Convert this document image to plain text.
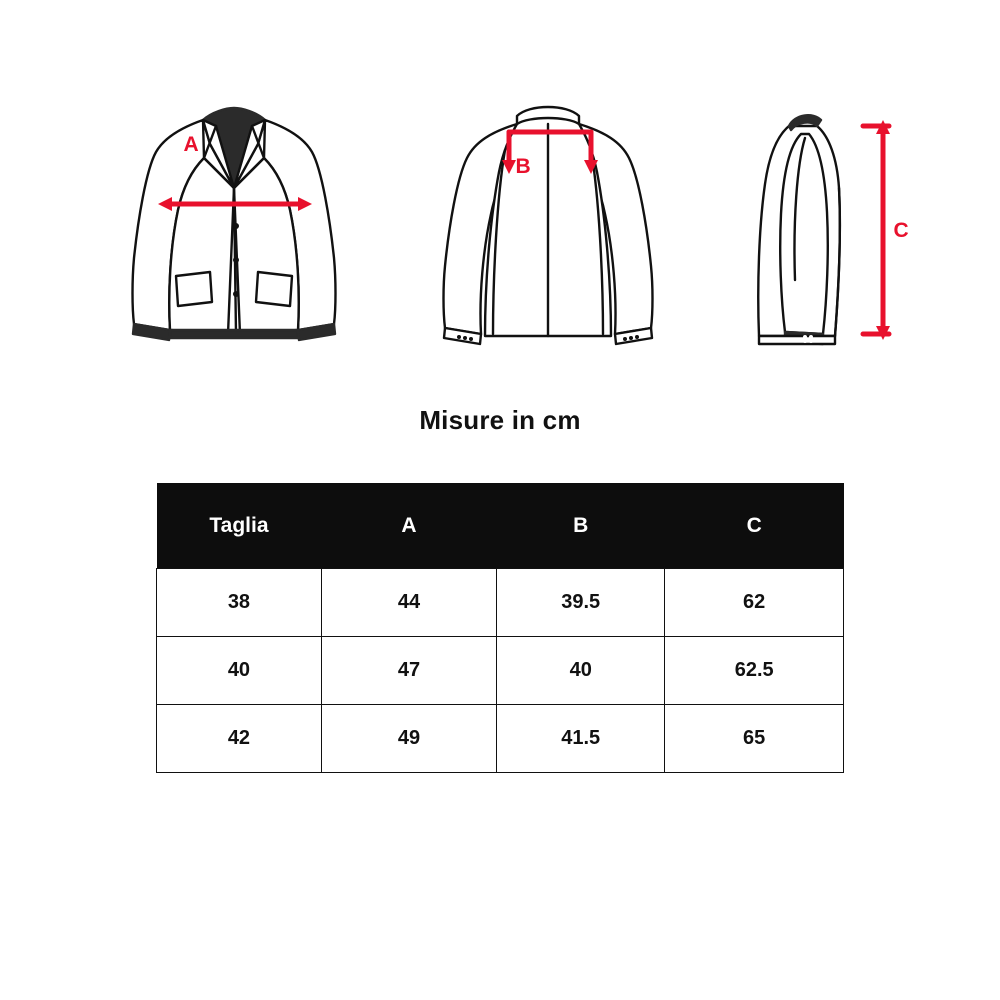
A
B
C
Misure in cm
Taglia	A	B	C
38	44	39.5	62
40	47	40	62.5
42	49	41.5	65
